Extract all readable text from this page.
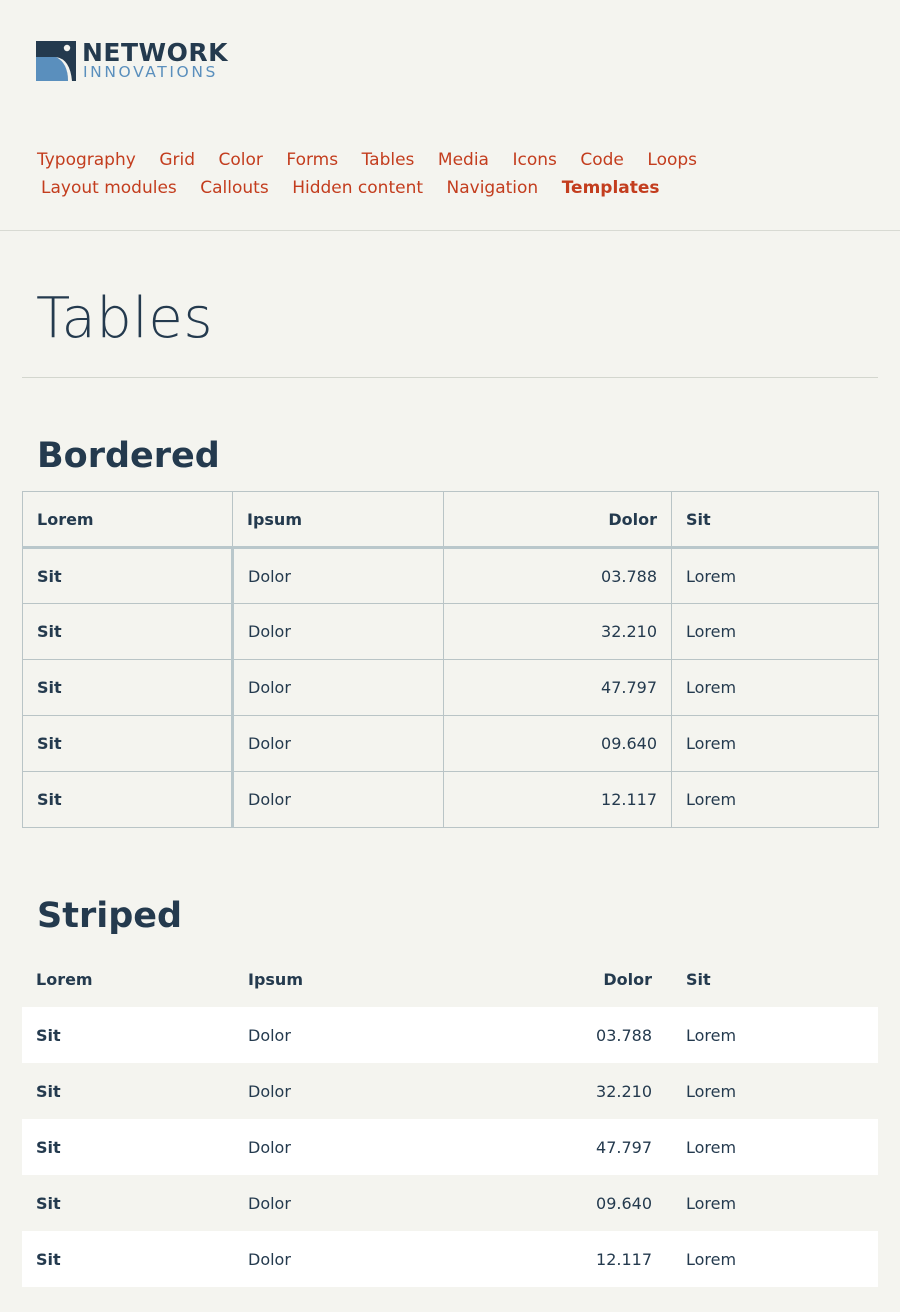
NETWORK
INNOVATIONS
Typography Grid Color Forms Tables Media Icons Code Loops
Layout modules Callouts Hidden content Navigation Templates
Tables
Bordered
Lorem	Ipsum	Dolor	Sit
Sit	Dolor	03.788	Lorem
Sit	Dolor	32.210	Lorem
Sit	Dolor	47.797	Lorem
Sit	Dolor	09.640	Lorem
Sit	Dolor	12.117	Lorem
Striped
Lorem	Ipsum	Dolor	Sit
Sit	Dolor	03.788	Lorem
Sit	Dolor	32.210	Lorem
Sit	Dolor	47.797	Lorem
Sit	Dolor	09.640	Lorem
Sit	Dolor	12.117	Lorem
